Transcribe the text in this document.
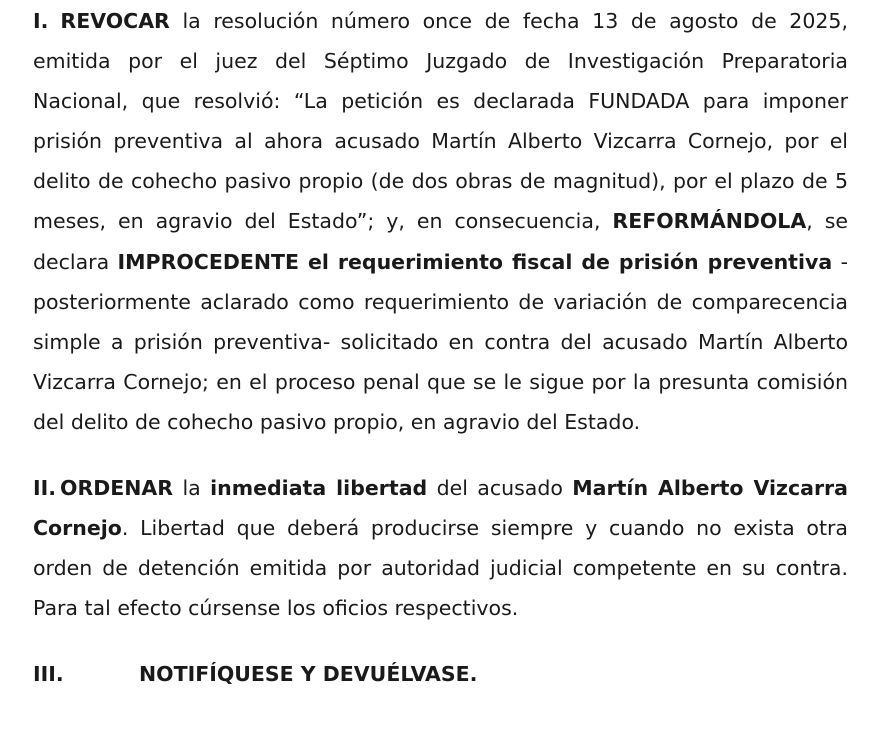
I. REVOCAR la resolución número once de fecha 13 de agosto de 2025, emitida por el juez del Séptimo Juzgado de Investigación Preparatoria Nacional, que resolvió: “La petición es declarada FUNDADA para imponer prisión preventiva al ahora acusado Martín Alberto Vizcarra Cornejo, por el delito de cohecho pasivo propio (de dos obras de magnitud), por el plazo de 5 meses, en agravio del Estado”; y, en consecuencia, REFORMÁNDOLA, se declara IMPROCEDENTE el requerimiento fiscal de prisión preventiva -posteriormente aclarado como requerimiento de variación de comparecencia simple a prisión preventiva- solicitado en contra del acusado Martín Alberto Vizcarra Cornejo; en el proceso penal que se le sigue por la presunta comisión del delito de cohecho pasivo propio, en agravio del Estado.

II. ORDENAR la inmediata libertad del acusado Martín Alberto Vizcarra Cornejo. Libertad que deberá producirse siempre y cuando no exista otra orden de detención emitida por autoridad judicial competente en su contra. Para tal efecto cúrsense los oficios respectivos.

III.	NOTIFÍQUESE Y DEVUÉLVASE.
